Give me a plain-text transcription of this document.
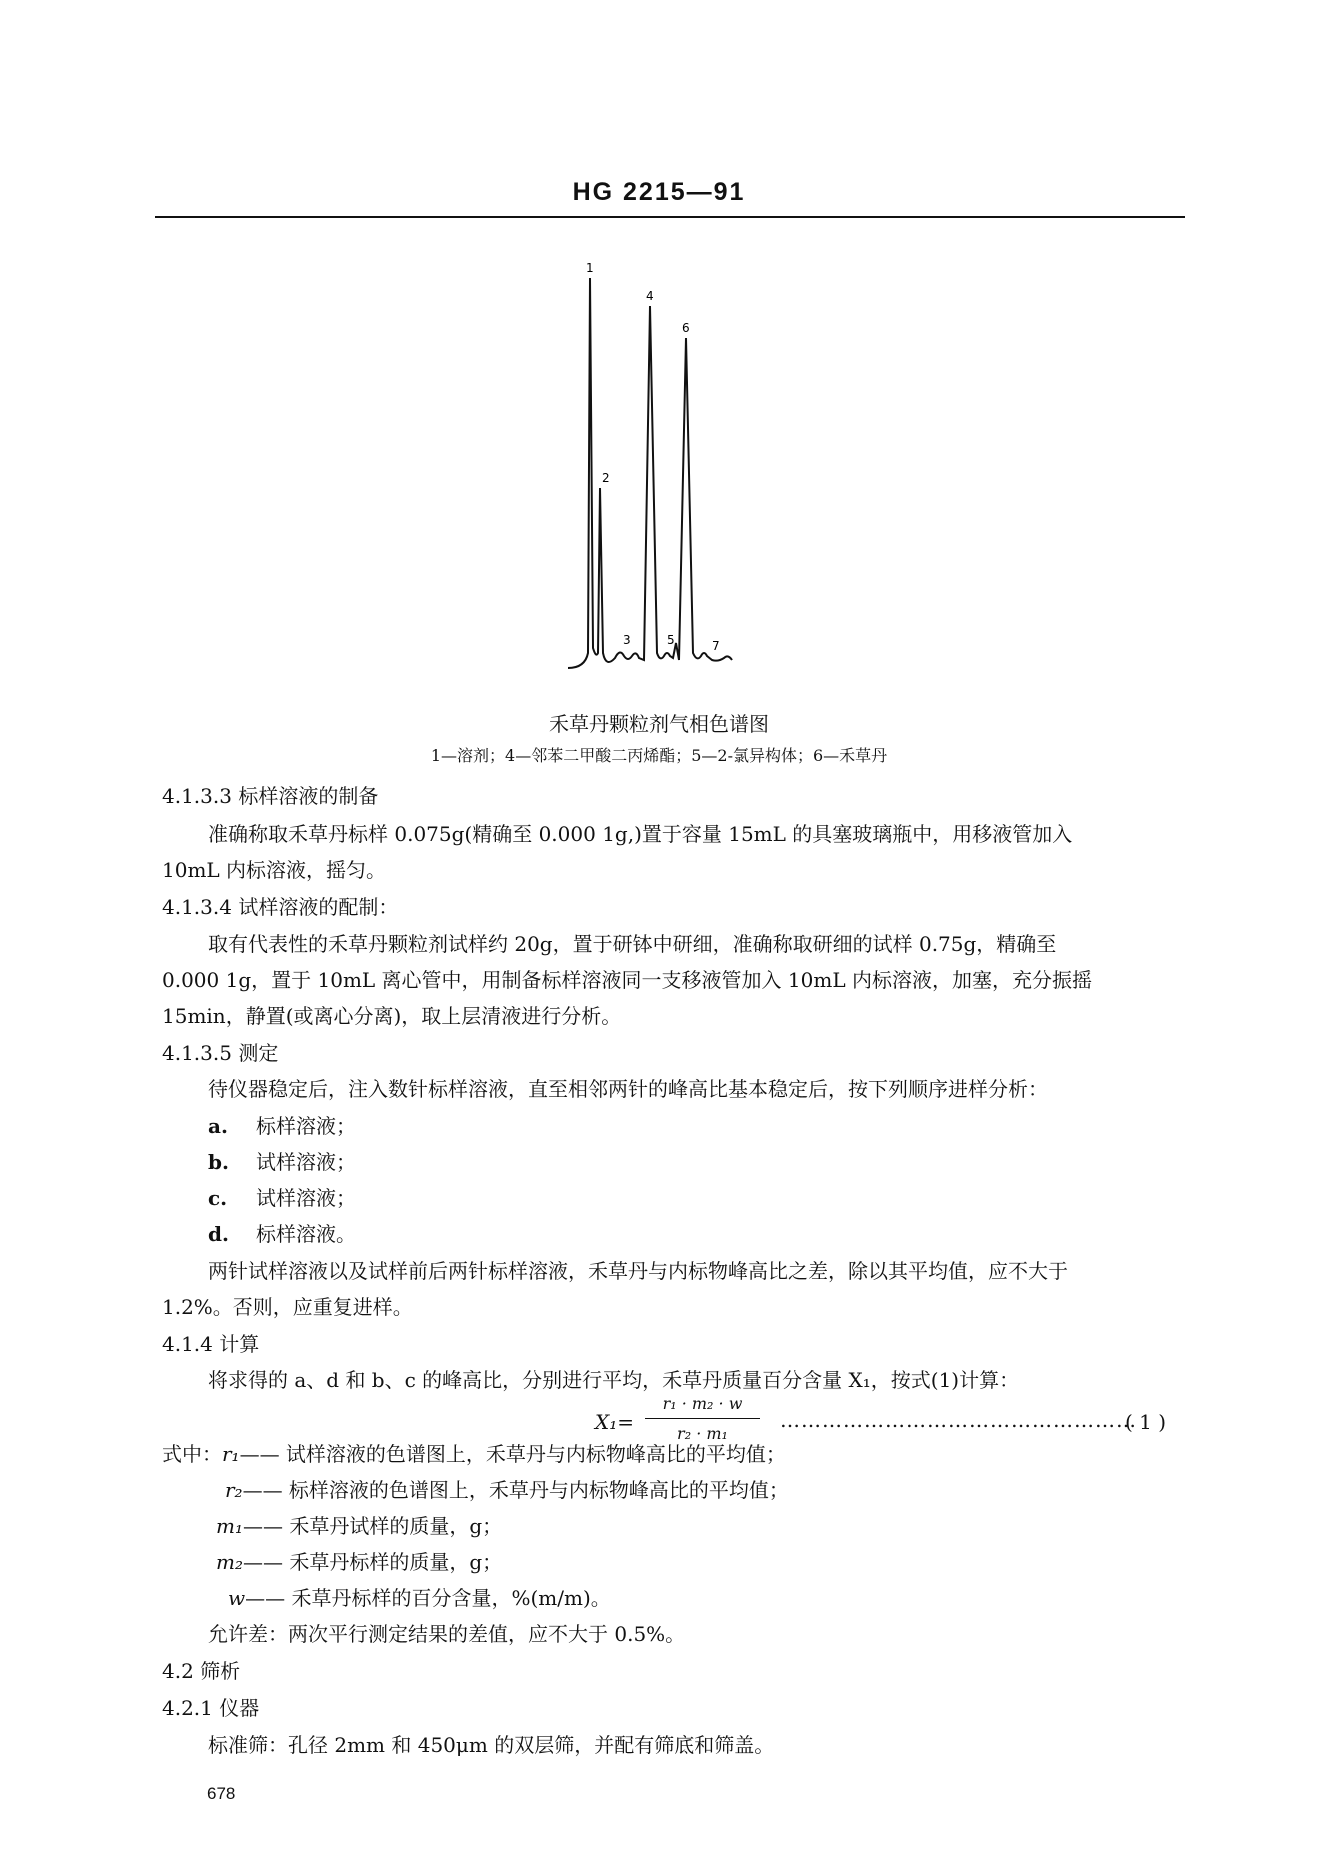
HG 2215—91
1
2
3
4
5
6
7
禾草丹颗粒剂气相色谱图
1—溶剂；4—邻苯二甲酸二丙烯酯；5—2-氯异构体；6—禾草丹
4.1.3.3 标样溶液的制备
准确称取禾草丹标样 0.075g(精确至 0.000 1g,)置于容量 15mL 的具塞玻璃瓶中，用移液管加入
10mL 内标溶液，摇匀。
4.1.3.4 试样溶液的配制：
取有代表性的禾草丹颗粒剂试样约 20g，置于研钵中研细，准确称取研细的试样 0.75g，精确至
0.000 1g，置于 10mL 离心管中，用制备标样溶液同一支移液管加入 10mL 内标溶液，加塞，充分振摇
15min，静置(或离心分离)，取上层清液进行分析。
4.1.3.5 测定
待仪器稳定后，注入数针标样溶液，直至相邻两针的峰高比基本稳定后，按下列顺序进样分析：
a. 标样溶液；
b. 试样溶液；
c. 试样溶液；
d. 标样溶液。
两针试样溶液以及试样前后两针标样溶液，禾草丹与内标物峰高比之差，除以其平均值，应不大于
1.2%。否则，应重复进样。
4.1.4 计算
将求得的 a、d 和 b、c 的峰高比，分别进行平均，禾草丹质量百分含量 X₁，按式(1)计算：
X₁=
r₁ · m₂ · w
r₂ · m₁
……………………………………………
( 1 )
式中：r₁—— 试样溶液的色谱图上，禾草丹与内标物峰高比的平均值；
r₂—— 标样溶液的色谱图上，禾草丹与内标物峰高比的平均值；
m₁—— 禾草丹试样的质量，g；
m₂—— 禾草丹标样的质量，g；
w—— 禾草丹标样的百分含量，%(m/m)。
允许差：两次平行测定结果的差值，应不大于 0.5%。
4.2 筛析
4.2.1 仪器
标准筛：孔径 2mm 和 450μm 的双层筛，并配有筛底和筛盖。
678
